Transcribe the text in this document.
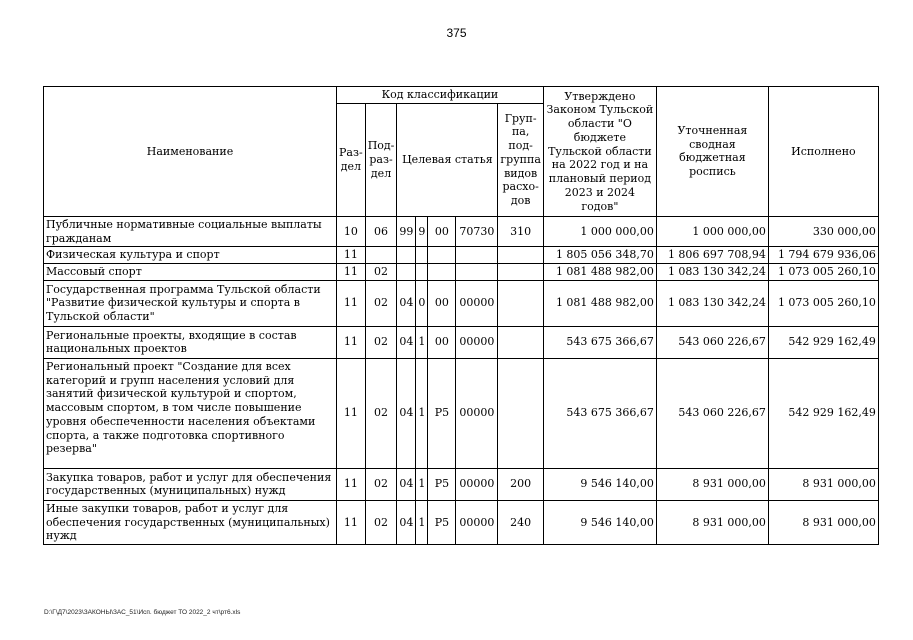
375
Наименование	Код классификации							Утверждено Законом Тульской области "О бюджете Тульской области на 2022 год и на плановый период 2023 и 2024 годов"	Уточненная сводная бюджетная роспись	Исполнено
	Раз-дел	Под-раз-дел	Целевая статья				Груп-па, под-группа видов расхо-дов			
Публичные нормативные социальные выплаты гражданам	10	06	99	9	00	70730	310	1 000 000,00	1 000 000,00	330 000,00
Физическая культура и спорт	11							1 805 056 348,70	1 806 697 708,94	1 794 679 936,06
Массовый спорт	11	02						1 081 488 982,00	1 083 130 342,24	1 073 005 260,10
Государственная программа Тульской области "Развитие физической культуры и спорта в Тульской области"	11	02	04	0	00	00000		1 081 488 982,00	1 083 130 342,24	1 073 005 260,10
Региональные проекты, входящие в состав национальных проектов	11	02	04	1	00	00000		543 675 366,67	543 060 226,67	542 929 162,49
Региональный проект "Создание для всех категорий и групп населения условий для занятий физической культурой и спортом, массовым спортом, в том числе повышение уровня обеспеченности населения объектами спорта, а также подготовка спортивного резерва"	11	02	04	1	P5	00000		543 675 366,67	543 060 226,67	542 929 162,49
Закупка товаров, работ и услуг для обеспечения государственных (муниципальных) нужд	11	02	04	1	P5	00000	200	9 546 140,00	8 931 000,00	8 931 000,00
Иные закупки товаров, работ и услуг для обеспечения государственных (муниципальных) нужд	11	02	04	1	P5	00000	240	9 546 140,00	8 931 000,00	8 931 000,00
D:\Г\Д7\2023\ЗАКОНЫ\ЗАС_51\Исп. бюджет ТО 2022_2 чт\рт6.xls
